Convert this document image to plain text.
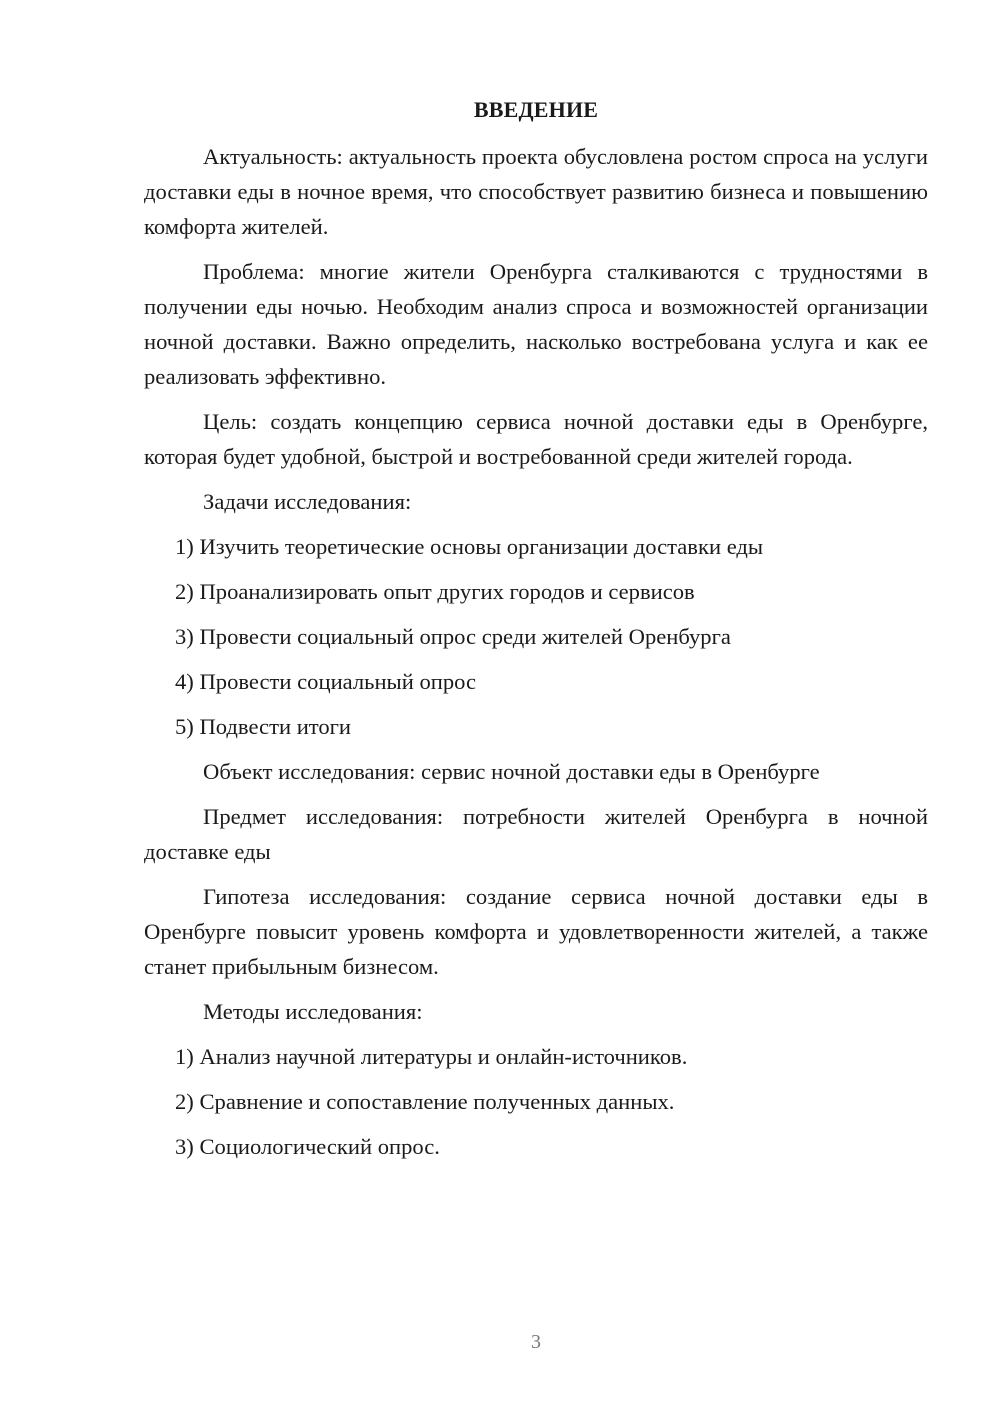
ВВЕДЕНИЕ

Актуальность: актуальность проекта обусловлена ростом спроса на услуги доставки еды в ночное время, что способствует развитию бизнеса и повышению комфорта жителей.

Проблема: многие жители Оренбурга сталкиваются с трудностями в получении еды ночью. Необходим анализ спроса и возможностей организации ночной доставки. Важно определить, насколько востребована услуга и как ее реализовать эффективно.

Цель: создать концепцию сервиса ночной доставки еды в Оренбурге, которая будет удобной, быстрой и востребованной среди жителей города.

Задачи исследования:

1) Изучить теоретические основы организации доставки еды

2) Проанализировать опыт других городов и сервисов

3) Провести социальный опрос среди жителей Оренбурга

4) Провести социальный опрос

5) Подвести итоги

Объект исследования: сервис ночной доставки еды в Оренбурге

Предмет исследования: потребности жителей Оренбурга в ночной доставке еды

Гипотеза исследования: создание сервиса ночной доставки еды в Оренбурге повысит уровень комфорта и удовлетворенности жителей, а также станет прибыльным бизнесом.

Методы исследования:

1) Анализ научной литературы и онлайн-источников.

2) Сравнение и сопоставление полученных данных.

3) Социологический опрос.

3
